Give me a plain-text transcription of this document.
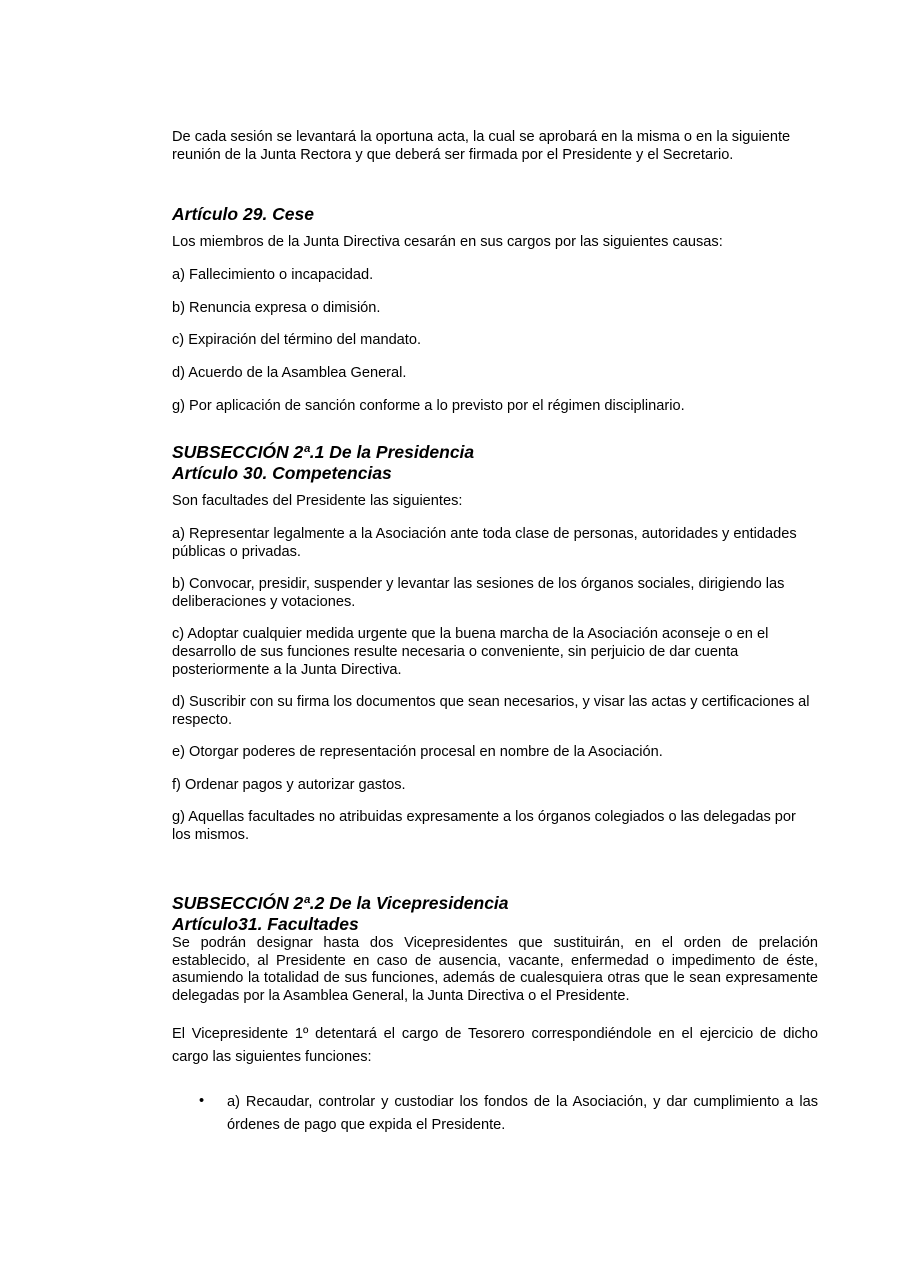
De cada sesión se levantará la oportuna acta, la cual se aprobará en la misma o en la siguiente reunión de la Junta Rectora y que deberá ser firmada por el Presidente y el Secretario.

Artículo 29. Cese

Los miembros de la Junta Directiva cesarán en sus cargos por las siguientes causas:

a) Fallecimiento o incapacidad.

b) Renuncia expresa o dimisión.

c) Expiración del término del mandato.

d) Acuerdo de la Asamblea General.

g) Por aplicación de sanción conforme a lo previsto por el régimen disciplinario.

SUBSECCIÓN 2ª.1 De la Presidencia
Artículo 30. Competencias

Son facultades del Presidente las siguientes:

a) Representar legalmente a la Asociación ante toda clase de personas, autoridades y entidades públicas o privadas.

b) Convocar, presidir, suspender y levantar las sesiones de los órganos sociales, dirigiendo las deliberaciones y votaciones.

c) Adoptar cualquier medida urgente que la buena marcha de la Asociación aconseje o en el desarrollo de sus funciones resulte necesaria o conveniente, sin perjuicio de dar cuenta posteriormente a la Junta Directiva.

d) Suscribir con su firma los documentos que sean necesarios, y visar las actas y certificaciones al respecto.

e) Otorgar poderes de representación procesal en nombre de la Asociación.

f) Ordenar pagos y autorizar gastos.

g) Aquellas facultades no atribuidas expresamente a los órganos colegiados o las delegadas por los mismos.

SUBSECCIÓN 2ª.2 De la Vicepresidencia
Artículo31. Facultades

Se podrán designar hasta dos Vicepresidentes que sustituirán, en el orden de prelación establecido, al Presidente en caso de ausencia, vacante, enfermedad o impedimento de éste, asumiendo la totalidad de sus funciones, además de cualesquiera otras que le sean expresamente delegadas por la Asamblea General, la Junta Directiva o el Presidente.

El Vicepresidente 1º detentará el cargo de Tesorero correspondiéndole en el ejercicio de dicho cargo las siguientes funciones:

• a) Recaudar, controlar y custodiar los fondos de la Asociación, y dar cumplimiento a las órdenes de pago que expida el Presidente.
